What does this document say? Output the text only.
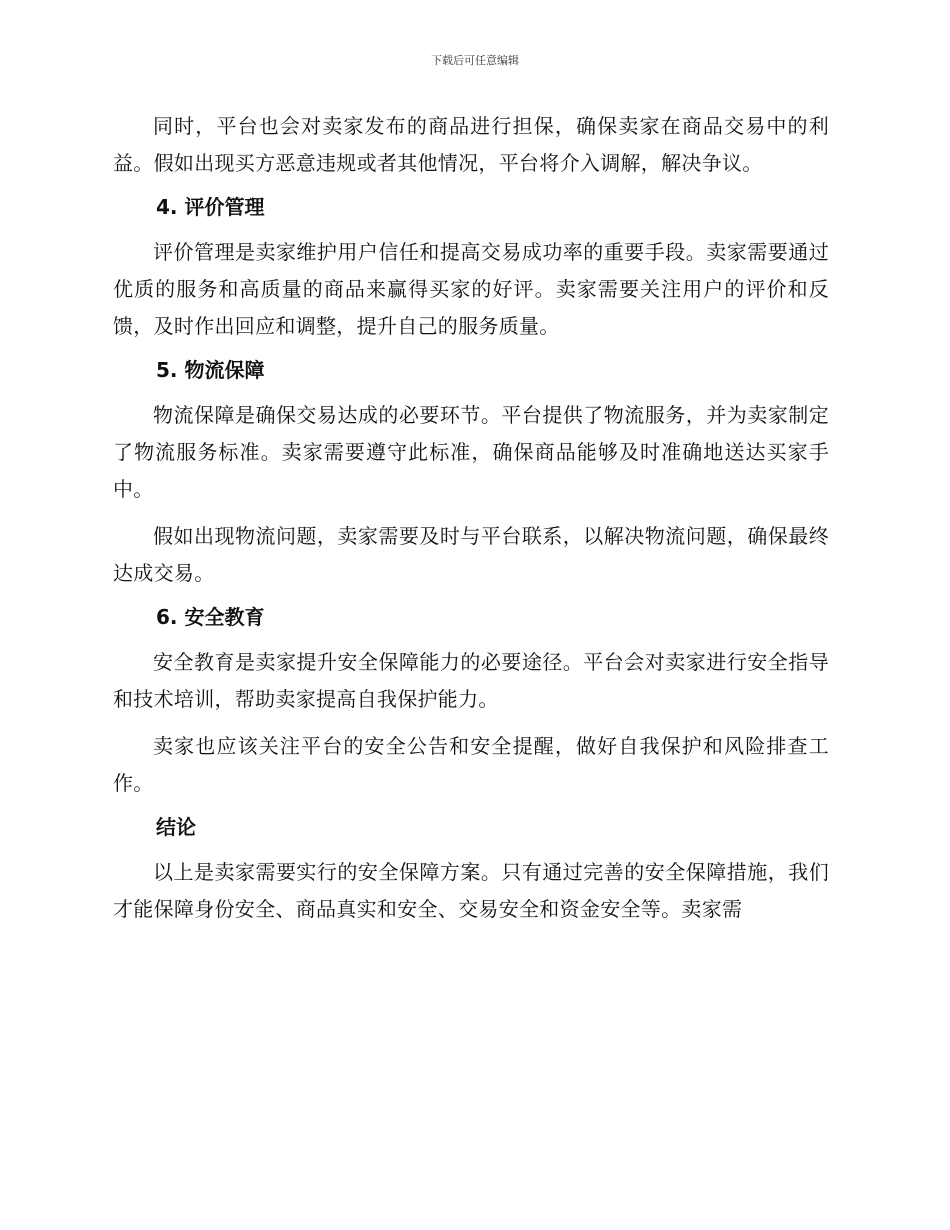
下载后可任意编辑

同时，平台也会对卖家发布的商品进行担保，确保卖家在商品交易中的利益。假如出现买方恶意违规或者其他情况，平台将介入调解，解决争议。

4. 评价管理

评价管理是卖家维护用户信任和提高交易成功率的重要手段。卖家需要通过优质的服务和高质量的商品来赢得买家的好评。卖家需要关注用户的评价和反馈，及时作出回应和调整，提升自己的服务质量。

5. 物流保障

物流保障是确保交易达成的必要环节。平台提供了物流服务，并为卖家制定了物流服务标准。卖家需要遵守此标准，确保商品能够及时准确地送达买家手中。

假如出现物流问题，卖家需要及时与平台联系，以解决物流问题，确保最终达成交易。

6. 安全教育

安全教育是卖家提升安全保障能力的必要途径。平台会对卖家进行安全指导和技术培训，帮助卖家提高自我保护能力。

卖家也应该关注平台的安全公告和安全提醒，做好自我保护和风险排查工作。

结论

以上是卖家需要实行的安全保障方案。只有通过完善的安全保障措施，我们才能保障身份安全、商品真实和安全、交易安全和资金安全等。卖家需
